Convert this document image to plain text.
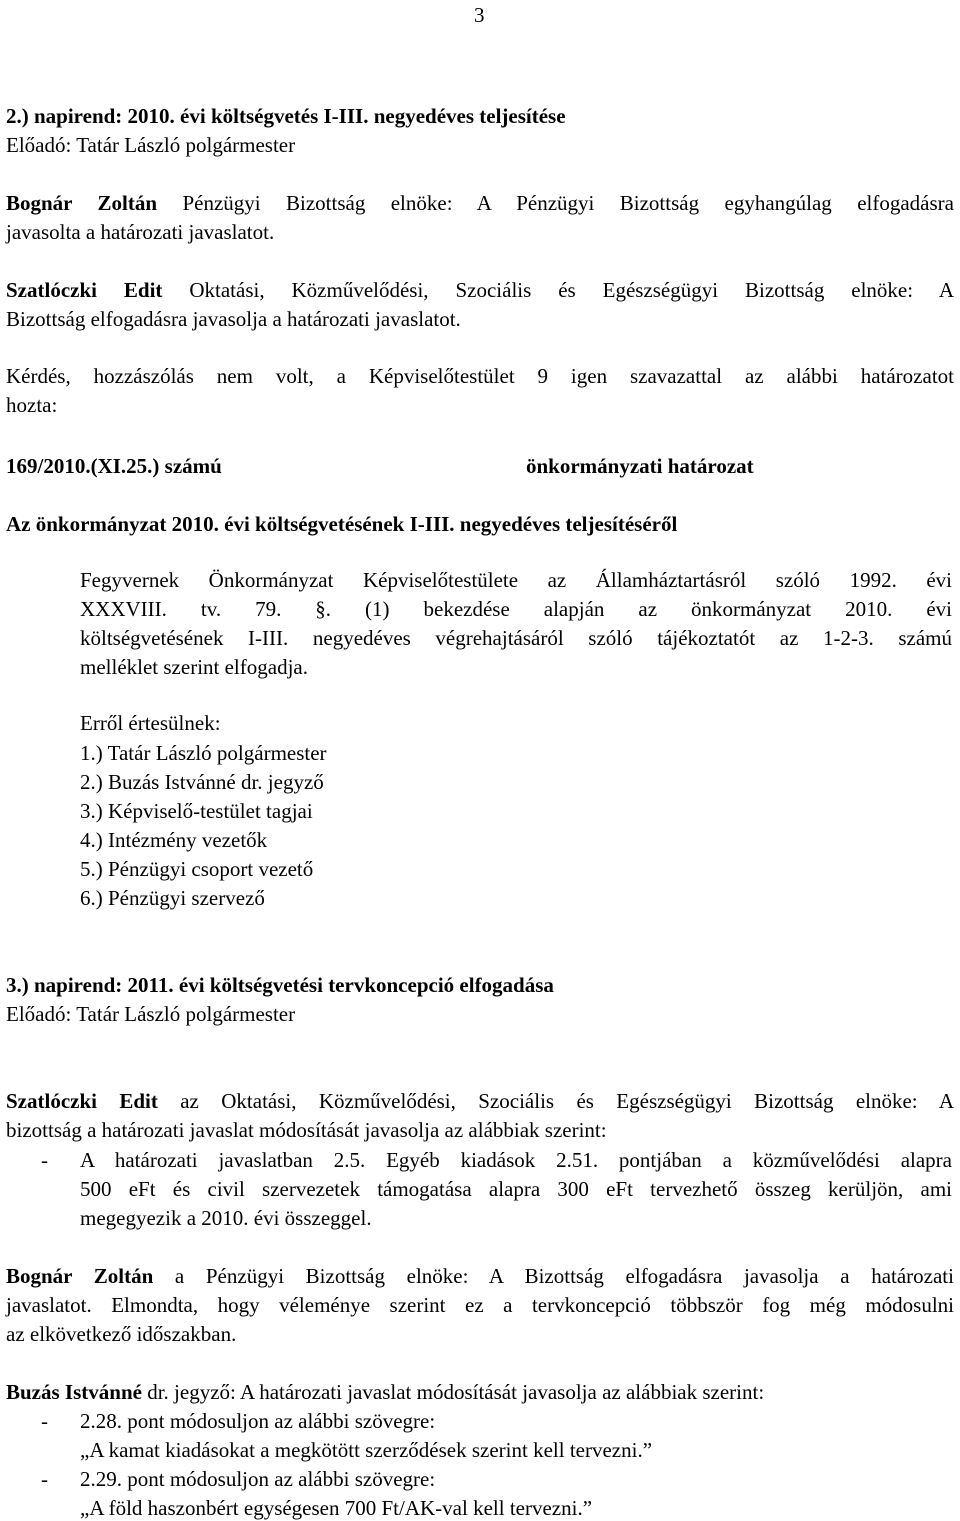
3
2.) napirend: 2010. évi költségvetés I-III. negyedéves teljesítése
Előadó: Tatár László polgármester
Bognár Zoltán Pénzügyi Bizottság elnöke: A Pénzügyi Bizottság egyhangúlag elfogadásra
javasolta a határozati javaslatot.
Szatlóczki Edit Oktatási, Közművelődési, Szociális és Egészségügyi Bizottság elnöke: A
Bizottság elfogadásra javasolja a határozati javaslatot.
Kérdés, hozzászólás nem volt, a Képviselőtestület 9 igen szavazattal az alábbi határozatot
hozta:
169/2010.(XI.25.) számú	önkormányzati határozat
Az önkormányzat 2010. évi költségvetésének I-III. negyedéves teljesítéséről
Fegyvernek Önkormányzat Képviselőtestülete az Államháztartásról szóló 1992. évi
XXXVIII. tv. 79. §. (1) bekezdése alapján az önkormányzat 2010. évi
költségvetésének I-III. negyedéves végrehajtásáról szóló tájékoztatót az 1-2-3. számú
melléklet szerint elfogadja.
Erről értesülnek:
1.) Tatár László polgármester
2.) Buzás Istvánné dr. jegyző
3.) Képviselő-testület tagjai
4.) Intézmény vezetők
5.) Pénzügyi csoport vezető
6.) Pénzügyi szervező
3.) napirend: 2011. évi költségvetési tervkoncepció elfogadása
Előadó: Tatár László polgármester
Szatlóczki Edit az Oktatási, Közművelődési, Szociális és Egészségügyi Bizottság elnöke: A
bizottság a határozati javaslat módosítását javasolja az alábbiak szerint:
- A határozati javaslatban 2.5. Egyéb kiadások 2.51. pontjában a közművelődési alapra
500 eFt és civil szervezetek támogatása alapra 300 eFt tervezhető összeg kerüljön, ami
megegyezik a 2010. évi összeggel.
Bognár Zoltán a Pénzügyi Bizottság elnöke: A Bizottság elfogadásra javasolja a határozati
javaslatot. Elmondta, hogy véleménye szerint ez a tervkoncepció többször fog még módosulni
az elkövetkező időszakban.
Buzás Istvánné dr. jegyző: A határozati javaslat módosítását javasolja az alábbiak szerint:
- 2.28. pont módosuljon az alábbi szövegre:
„A kamat kiadásokat a megkötött szerződések szerint kell tervezni.”
- 2.29. pont módosuljon az alábbi szövegre:
„A föld haszonbért egységesen 700 Ft/AK-val kell tervezni.”
